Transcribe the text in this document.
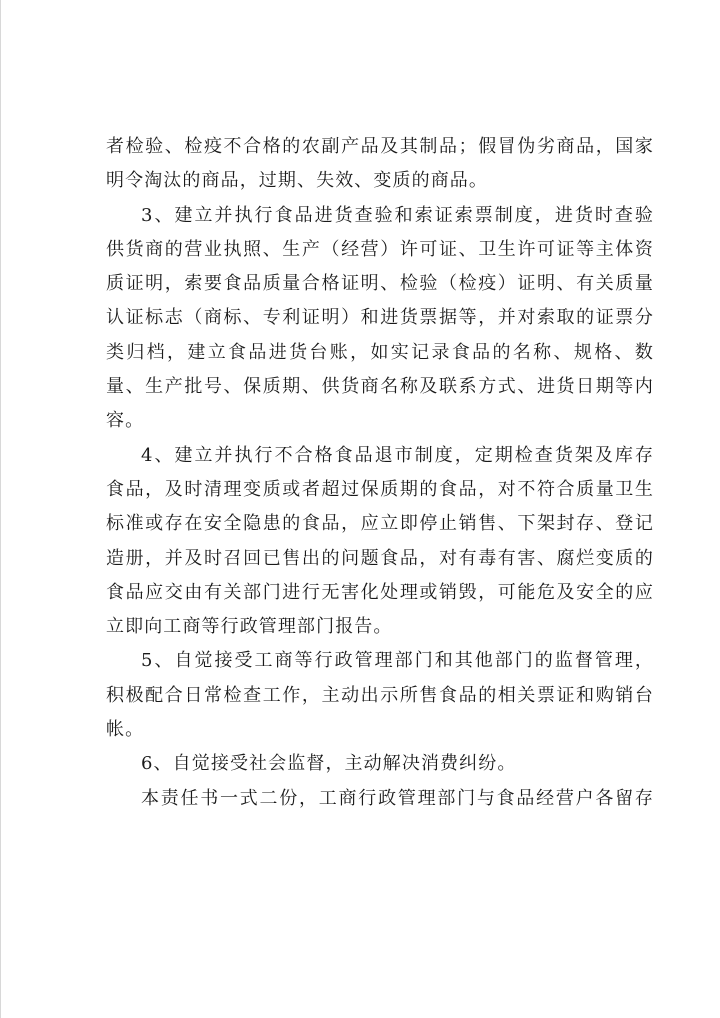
者检验、检疫不合格的农副产品及其制品；假冒伪劣商品，国家
明令淘汰的商品，过期、失效、变质的商品。
3、建立并执行食品进货查验和索证索票制度，进货时查验
供货商的营业执照、生产（经营）许可证、卫生许可证等主体资
质证明，索要食品质量合格证明、检验（检疫）证明、有关质量
认证标志（商标、专利证明）和进货票据等，并对索取的证票分
类归档，建立食品进货台账，如实记录食品的名称、规格、数
量、生产批号、保质期、供货商名称及联系方式、进货日期等内
容。
4、建立并执行不合格食品退市制度，定期检查货架及库存
食品，及时清理变质或者超过保质期的食品，对不符合质量卫生
标准或存在安全隐患的食品，应立即停止销售、下架封存、登记
造册，并及时召回已售出的问题食品，对有毒有害、腐烂变质的
食品应交由有关部门进行无害化处理或销毁，可能危及安全的应
立即向工商等行政管理部门报告。
5、自觉接受工商等行政管理部门和其他部门的监督管理，
积极配合日常检查工作，主动出示所售食品的相关票证和购销台
帐。
6、自觉接受社会监督，主动解决消费纠纷。
本责任书一式二份，工商行政管理部门与食品经营户各留存
